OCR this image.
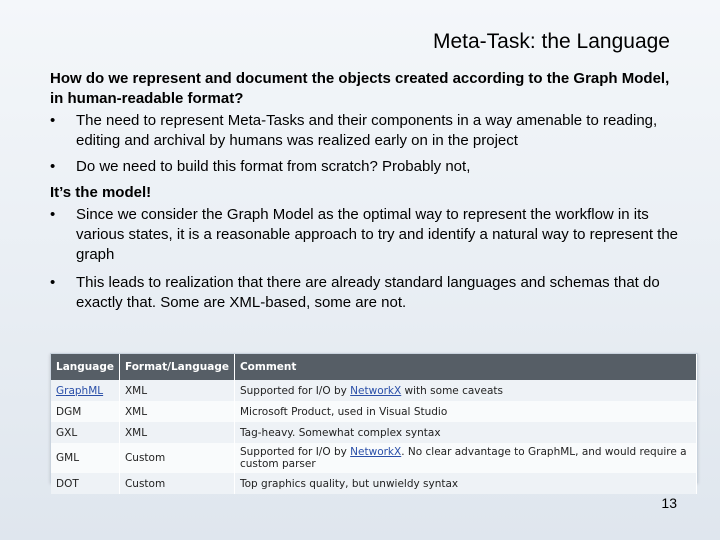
Meta-Task: the Language
How do we represent and document the objects created according to the Graph Model, in human-readable format?
•	The need to represent Meta-Tasks and their components in a way amenable to reading, editing and archival by humans was realized early on in the project
•	Do we need to build this format from scratch? Probably not,
It’s the model!
•	Since we consider the Graph Model as the optimal way to represent the workflow in its various states, it is a reasonable approach to try and identify a natural way to represent the graph
•	This leads to realization that there are already standard languages and schemas that do exactly that. Some are XML-based, some are not.
Language	Format/Language	Comment
GraphML	XML	Supported for I/O by NetworkX with some caveats
DGM	XML	Microsoft Product, used in Visual Studio
GXL	XML	Tag-heavy. Somewhat complex syntax
GML	Custom	Supported for I/O by NetworkX. No clear advantage to GraphML, and would require a custom parser
DOT	Custom	Top graphics quality, but unwieldy syntax
13
